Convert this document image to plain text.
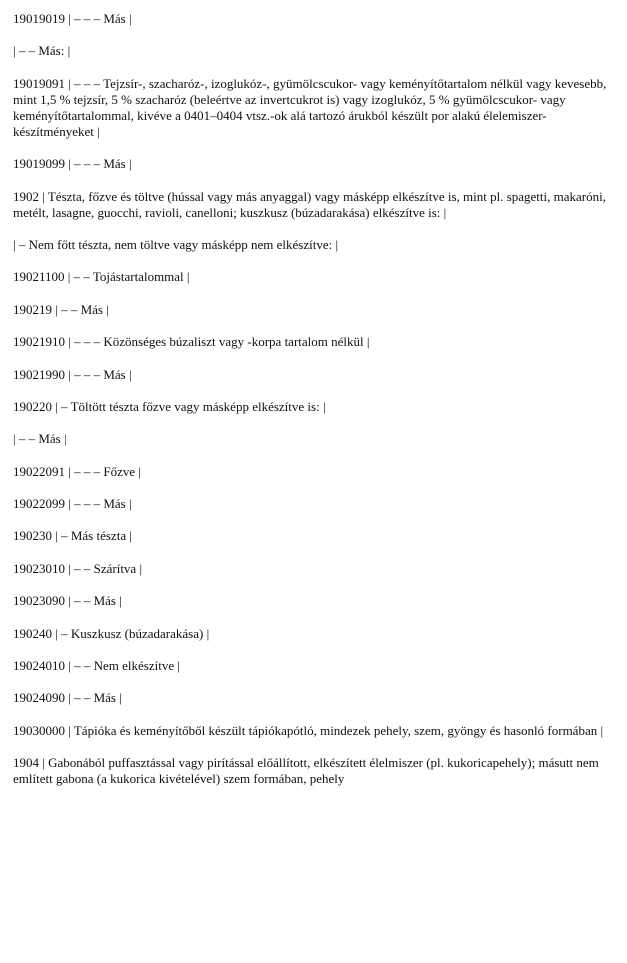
19019019 | – – – Más |

| – – Más: |

19019091 | – – – Tejzsír-, szacharóz-, izoglukóz-, gyümölcscukor- vagy keményítőtartalom nélkül vagy kevesebb, mint 1,5 % tejzsír, 5 % szacharóz (beleértve az invertcukrot is) vagy izoglukóz, 5 % gyümölcscukor- vagy keményítőtartalommal, kivéve a 0401–0404 vtsz.-ok alá tartozó árukból készült por alakú élelemiszer-készítményeket |

19019099 | – – – Más |

1902 | Tészta, főzve és töltve (hússal vagy más anyaggal) vagy másképp elkészítve is, mint pl. spagetti, makaróni, metélt, lasagne, guocchi, ravioli, canelloni; kuszkusz (búzadarakása) elkészítve is: |

| – Nem főtt tészta, nem töltve vagy másképp nem elkészítve: |

19021100 | – – Tojástartalommal |

190219 | – – Más |

19021910 | – – – Közönséges búzaliszt vagy -korpa tartalom nélkül |

19021990 | – – – Más |

190220 | – Töltött tészta főzve vagy másképp elkészítve is: |

| – – Más |

19022091 | – – – Főzve |

19022099 | – – – Más |

190230 | – Más tészta |

19023010 | – – Szárítva |

19023090 | – – Más |

190240 | – Kuszkusz (búzadarakása) |

19024010 | – – Nem elkészítve |

19024090 | – – Más |

19030000 | Tápióka és keményítőből készült tápiókapótló, mindezek pehely, szem, gyöngy és hasonló formában |

1904 | Gabonából puffasztással vagy pirítással előállított, elkészített élelmiszer (pl. kukoricapehely); másutt nem említett gabona (a kukorica kivételével) szem formában, pehely
